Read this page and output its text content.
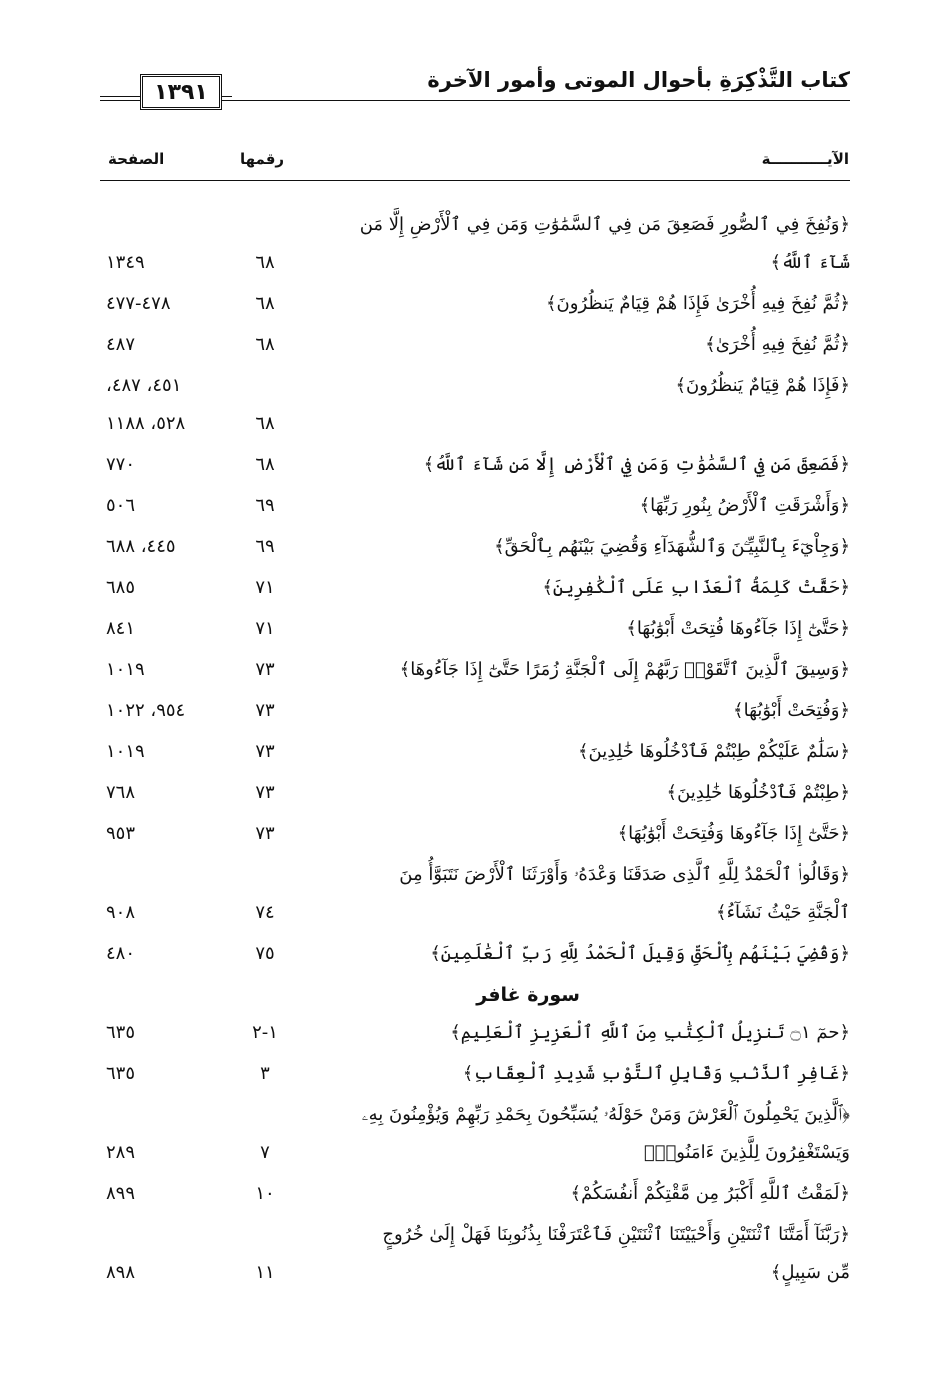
كتاب التَّذْكِرَةِ بأحوال الموتى وأمور الآخرة
١٣٩١
الآيـــــــــــة
رقمها
الصفحة
﴿وَنُفِخَ فِي ٱلصُّورِ فَصَعِقَ مَن فِي ٱلسَّمَٰوَٰتِ وَمَن فِي ٱلْأَرْضِ إِلَّا مَن
شَآءَ ٱللَّهُ﴾
٦٨
١٣٤٩
﴿ثُمَّ نُفِخَ فِيهِ أُخْرَىٰ فَإِذَا هُمْ قِيَامٌ يَنظُرُونَ﴾
٦٨
٤٧٨-٤٧٧
﴿ثُمَّ نُفِخَ فِيهِ أُخْرَىٰ﴾
٦٨
٤٨٧
﴿فَإِذَا هُمْ قِيَامٌ يَنظُرُونَ﴾

٦٨
٤٥١، ٤٨٧،
٥٢٨، ١١٨٨
﴿فَصَعِقَ مَن فِي ٱلسَّمَٰوَٰتِ وَمَن فِي ٱلْأَرْضِ إِلَّا مَن شَآءَ ٱللَّهُ﴾
٦٨
٧٧٠
﴿وَأَشْرَقَتِ ٱلْأَرْضُ بِنُورِ رَبِّهَا﴾
٦٩
٥٠٦
﴿وَجِاْيٓءَ بِٱلنَّبِيِّـۧنَ وَٱلشُّهَدَآءِ وَقُضِيَ بَيْنَهُم بِٱلْحَقِّ﴾
٦٩
٤٤٥، ٦٨٨
﴿حَقَّتْ كَلِمَةُ ٱلْعَذَابِ عَلَى ٱلْكَٰفِرِينَ﴾
٧١
٦٨٥
﴿حَتَّىٰٓ إِذَا جَآءُوهَا فُتِحَتْ أَبْوَٰبُهَا﴾
٧١
٨٤١
﴿وَسِيقَ ٱلَّذِينَ ٱتَّقَوْا۟ رَبَّهُمْ إِلَى ٱلْجَنَّةِ زُمَرًا حَتَّىٰٓ إِذَا جَآءُوهَا﴾
٧٣
١٠١٩
﴿وَفُتِحَتْ أَبْوَٰبُهَا﴾
٧٣
٩٥٤، ١٠٢٢
﴿سَلَٰمٌ عَلَيْكُمْ طِبْتُمْ فَٱدْخُلُوهَا خَٰلِدِينَ﴾
٧٣
١٠١٩
﴿طِبْتُمْ فَٱدْخُلُوهَا خَٰلِدِينَ﴾
٧٣
٧٦٨
﴿حَتَّىٰٓ إِذَا جَآءُوهَا وَفُتِحَتْ أَبْوَٰبُهَا﴾
٧٣
٩٥٣
﴿وَقَالُوا۟ ٱلْحَمْدُ لِلَّهِ ٱلَّذِى صَدَقَنَا وَعْدَهُۥ وَأَوْرَثَنَا ٱلْأَرْضَ نَتَبَوَّأُ مِنَ
ٱلْجَنَّةِ حَيْثُ نَشَآءُ﴾
٧٤
٩٠٨
﴿وَقُضِيَ بَيْنَهُم بِٱلْحَقِّ وَقِيلَ ٱلْحَمْدُ لِلَّهِ رَبِّ ٱلْعَٰلَمِينَ﴾
٧٥
٤٨٠
سورة غافر
﴿حمٓ ۝١ تَنزِيلُ ٱلْكِتَٰبِ مِنَ ٱللَّهِ ٱلْعَزِيزِ ٱلْعَلِيمِ﴾
١-٢
٦٣٥
﴿غَافِرِ ٱلذَّنۢبِ وَقَابِلِ ٱلتَّوْبِ شَدِيدِ ٱلْعِقَابِ﴾
٣
٦٣٥
﴿ٱلَّذِينَ يَحْمِلُونَ ٱلْعَرْشَ وَمَنْ حَوْلَهُۥ يُسَبِّحُونَ بِحَمْدِ رَبِّهِمْ وَيُؤْمِنُونَ بِهِۦ
وَيَسْتَغْفِرُونَ لِلَّذِينَ ءَامَنُوا۟﴾
٧
٢٨٩
﴿لَمَقْتُ ٱللَّهِ أَكْبَرُ مِن مَّقْتِكُمْ أَنفُسَكُمْ﴾
١٠
٨٩٩
﴿رَبَّنَآ أَمَتَّنَا ٱثْنَتَيْنِ وَأَحْيَيْتَنَا ٱثْنَتَيْنِ فَٱعْتَرَفْنَا بِذُنُوبِنَا فَهَلْ إِلَىٰ خُرُوجٍ
مِّن سَبِيلٍ﴾
١١
٨٩٨
